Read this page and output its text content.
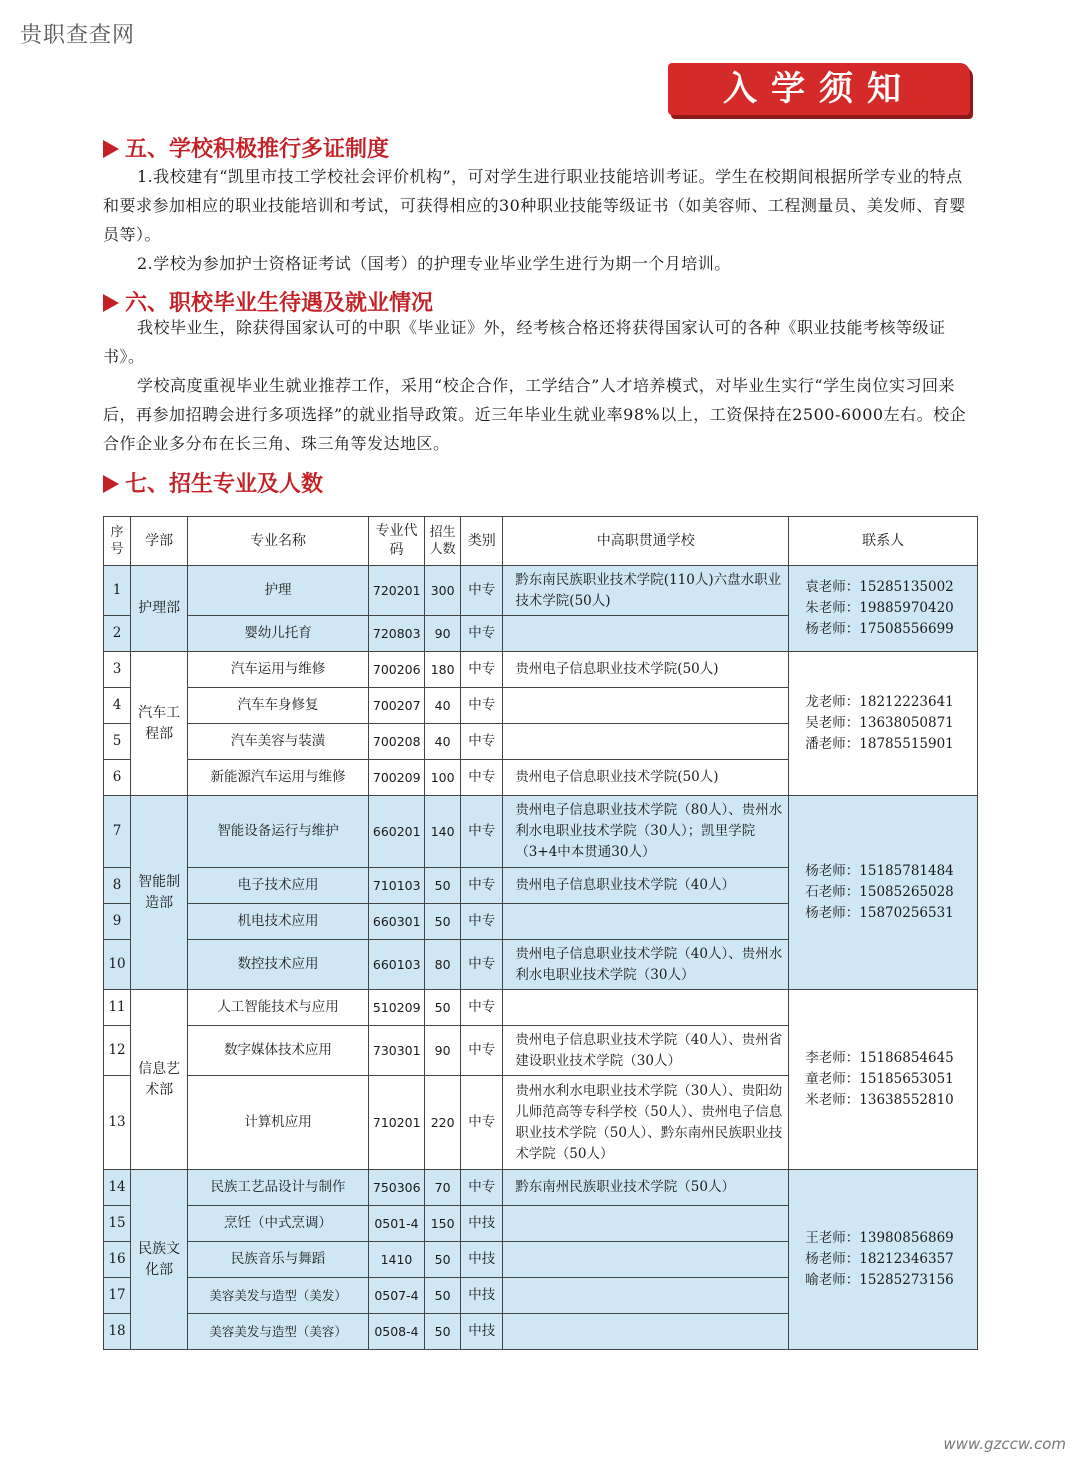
贵职查查网
入学须知
五、学校积极推行多证制度

1.我校建有“凯里市技工学校社会评价机构”，可对学生进行职业技能培训考证。学生在校期间根据所学专业的特点和要求参加相应的职业技能培训和考试，可获得相应的30种职业技能等级证书（如美容师、工程测量员、美发师、育婴员等）。

2.学校为参加护士资格证考试（国考）的护理专业毕业学生进行为期一个月培训。

六、职校毕业生待遇及就业情况

我校毕业生，除获得国家认可的中职《毕业证》外，经考核合格还将获得国家认可的各种《职业技能考核等级证书》。

学校高度重视毕业生就业推荐工作，采用“校企合作，工学结合”人才培养模式，对毕业生实行“学生岗位实习回来后，再参加招聘会进行多项选择”的就业指导政策。近三年毕业生就业率98%以上，工资保持在2500-6000左右。校企合作企业多分布在长三角、珠三角等发达地区。

七、招生专业及人数
序号	学部	专业名称	专业代码	招生人数	类别	中高职贯通学校	联系人
1	护理部	护理	720201	300	中专	黔东南民族职业技术学院(110人)六盘水职业技术学院(50人)	袁老师：15285135002
朱老师：19885970420
杨老师：17508556699

2		婴幼儿托育	720803	90	中专		
3	汽车工程部	汽车运用与维修	700206	180	中专	贵州电子信息职业技术学院(50人)	龙老师：18212223641
吴老师：13638050871
潘老师：18785515901

4		汽车车身修复	700207	40	中专		
5		汽车美容与装潢	700208	40	中专		
6		新能源汽车运用与维修	700209	100	中专	贵州电子信息职业技术学院(50人)	
7	智能制造部	智能设备运行与维护	660201	140	中专	贵州电子信息职业技术学院（80人）、贵州水利水电职业技术学院（30人）；凯里学院（3+4中本贯通30人）	杨老师：15185781484
石老师：15085265028
杨老师：15870256531

8		电子技术应用	710103	50	中专	贵州电子信息职业技术学院（40人）	
9		机电技术应用	660301	50	中专		
10		数控技术应用	660103	80	中专	贵州电子信息职业技术学院（40人）、贵州水利水电职业技术学院（30人）	
11	信息艺术部	人工智能技术与应用	510209	50	中专		李老师：15186854645
童老师：15185653051
米老师：13638552810

12		数字媒体技术应用	730301	90	中专	贵州电子信息职业技术学院（40人）、贵州省建设职业技术学院（30人）	
13		计算机应用	710201	220	中专	贵州水利水电职业技术学院（30人）、贵阳幼儿师范高等专科学校（50人）、贵州电子信息职业技术学院（50人）、黔东南州民族职业技术学院（50人）	
14	民族文化部	民族工艺品设计与制作	750306	70	中专	黔东南州民族职业技术学院（50人）	王老师：13980856869
杨老师：18212346357
喻老师：15285273156

15		烹饪（中式烹调）	0501-4	150	中技		
16		民族音乐与舞蹈	1410	50	中技		
17		美容美发与造型（美发）	0507-4	50	中技		
18		美容美发与造型（美容）	0508-4	50	中技		
www.gzccw.com
